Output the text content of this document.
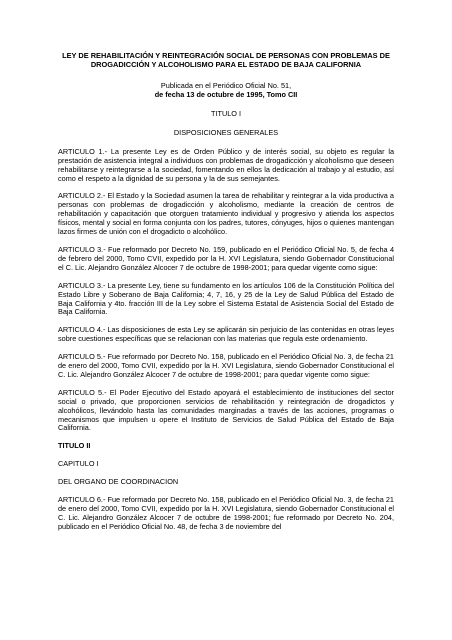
LEY DE REHABILITACIÓN Y REINTEGRACIÓN SOCIAL DE PERSONAS CON PROBLEMAS DE DROGADICCIÓN Y ALCOHOLISMO PARA EL ESTADO DE BAJA CALIFORNIA

Publicada en el Periódico Oficial No. 51,

de fecha 13 de octubre de 1995, Tomo CII

TITULO I

DISPOSICIONES GENERALES

ARTICULO 1.- La presente Ley es de Orden Público y de interés social, su objeto es regular la prestación de asistencia integral a individuos con problemas de drogadicción y alcoholismo que deseen rehabilitarse y reintegrarse a la sociedad, fomentando en ellos la dedicación al trabajo y al estudio, así como el respeto a la dignidad de su persona y la de sus semejantes.

ARTICULO 2.- El Estado y la Sociedad asumen la tarea de rehabilitar y reintegrar a la vida productiva a personas con problemas de drogadicción y alcoholismo, mediante la creación de centros de rehabilitación y capacitación que otorguen tratamiento individual y progresivo y atienda los aspectos físicos, mental y social en forma conjunta con los padres, tutores, cónyuges, hijos o quienes mantengan lazos firmes de unión con el drogadicto o alcohólico.

ARTICULO 3.- Fue reformado por Decreto No. 159, publicado en el Periódico Oficial No. 5, de fecha 4 de febrero del 2000, Tomo CVII, expedido por la H. XVI Legislatura, siendo Gobernador Constitucional el C. Lic. Alejandro González Alcocer 7 de octubre de 1998-2001; para quedar vigente como sigue:

ARTICULO 3.- La presente Ley, tiene su fundamento en los artículos 106 de la Constitución Política del Estado Libre y Soberano de Baja California; 4, 7, 16, y 25 de la Ley de Salud Pública del Estado de Baja California y 4to. fracción III de la Ley sobre el Sistema Estatal de Asistencia Social del Estado de Baja California.

ARTICULO 4.- Las disposiciones de esta Ley se aplicarán sin perjuicio de las contenidas en otras leyes sobre cuestiones específicas que se relacionan con las materias que regula este ordenamiento.

ARTICULO 5.- Fue reformado por Decreto No. 158, publicado en el Periódico Oficial No. 3, de fecha 21 de enero del 2000, Tomo CVII, expedido por la H. XVI Legislatura, siendo Gobernador Constitucional el C. Lic. Alejandro González Alcocer 7 de octubre de 1998-2001; para quedar vigente como sigue:

ARTICULO 5.- El Poder Ejecutivo del Estado apoyará el establecimiento de instituciones del sector social o privado, que proporcionen servicios de rehabilitación y reintegración de drogadictos y alcohólicos, llevándolo hasta las comunidades marginadas a través de las acciones, programas o mecanismos que impulsen u opere el Instituto de Servicios de Salud Pública del Estado de Baja California.

TITULO II

CAPITULO I

DEL ORGANO DE COORDINACION

ARTICULO 6.- Fue reformado por Decreto No. 158, publicado en el Periódico Oficial No. 3, de fecha 21 de enero del 2000, Tomo CVII, expedido por la H. XVI Legislatura, siendo Gobernador Constitucional el C. Lic. Alejandro González Alcocer 7 de octubre de 1998-2001; fue reformado por Decreto No. 204, publicado en el Periódico Oficial No. 48, de fecha 3 de noviembre del
